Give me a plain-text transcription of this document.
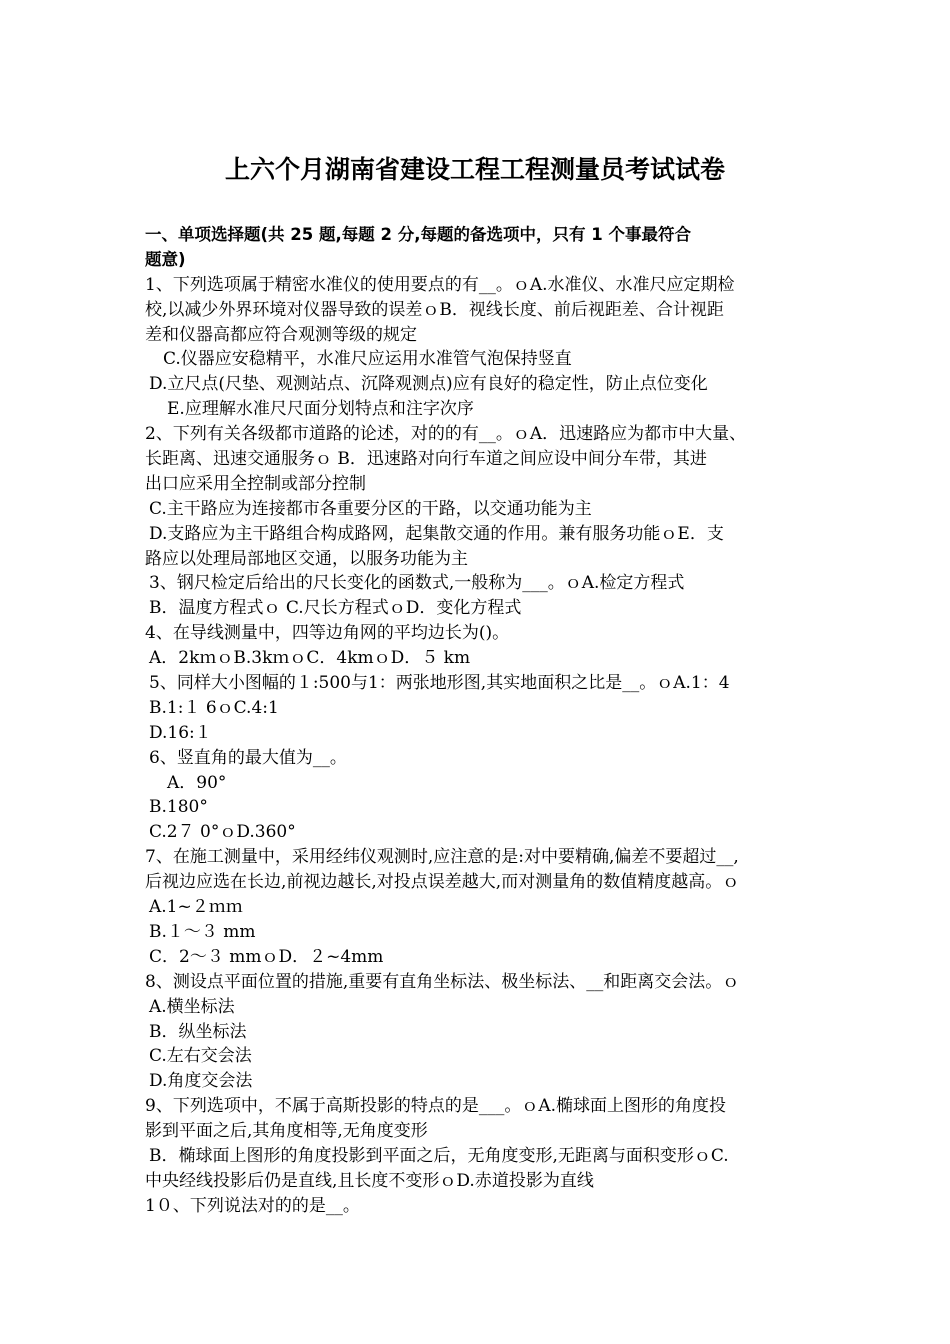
上六个月湖南省建设工程工程测量员考试试卷
一、单项选择题(共 25 题,每题 2 分,每题的备选项中，只有 1 个事最符合
题意)
1、下列选项属于精密水准仪的使用要点的有__。ｏA.水准仪、水准尺应定期检
校,以减少外界环境对仪器导致的误差ｏB．视线长度、前后视距差、合计视距
差和仪器高都应符合观测等级的规定
C.仪器应安稳精平，水准尺应运用水准管气泡保持竖直
D.立尺点(尺垫、观测站点、沉降观测点)应有良好的稳定性，防止点位变化
E.应理解水准尺尺面分划特点和注字次序
2、下列有关各级都市道路的论述，对的的有__。ｏA．迅速路应为都市中大量、
长距离、迅速交通服务ｏ B．迅速路对向行车道之间应设中间分车带，其进
出口应采用全控制或部分控制
C.主干路应为连接都市各重要分区的干路，以交通功能为主
D.支路应为主干路组合构成路网，起集散交通的作用。兼有服务功能ｏE．支
路应以处理局部地区交通，以服务功能为主
3、钢尺检定后给出的尺长变化的函数式,一般称为___。ｏA.检定方程式
B．温度方程式ｏ C.尺长方程式ｏD．变化方程式
4、在导线测量中，四等边角网的平均边长为()。
A．2kｍｏB.3kｍｏC．4kmｏD．５ km
5、同样大小图幅的１:500与1：两张地形图,其实地面积之比是__。ｏA.1：4
B.1:１ 6ｏC.4:1
D.16:１
6、竖直角的最大值为__。
A．90°
B.180°
C.2７ 0°ｏD.360°
7、在施工测量中，采用经纬仪观测时,应注意的是:对中要精确,偏差不要超过__,
后视边应选在长边,前视边越长,对投点误差越大,而对测量角的数值精度越高。ｏ
A.1~２ｍｍ
B.１～３ mm
C．2～３ mmｏD．２~4mm
8、测设点平面位置的措施,重要有直角坐标法、极坐标法、__和距离交会法。ｏ
A.横坐标法
B．纵坐标法
C.左右交会法
D.角度交会法
9、下列选项中，不属于高斯投影的特点的是___。ｏA.椭球面上图形的角度投
影到平面之后,其角度相等,无角度变形
B．椭球面上图形的角度投影到平面之后，无角度变形,无距离与面积变形ｏC.
中央经线投影后仍是直线,且长度不变形ｏD.赤道投影为直线
1０、下列说法对的的是__。
